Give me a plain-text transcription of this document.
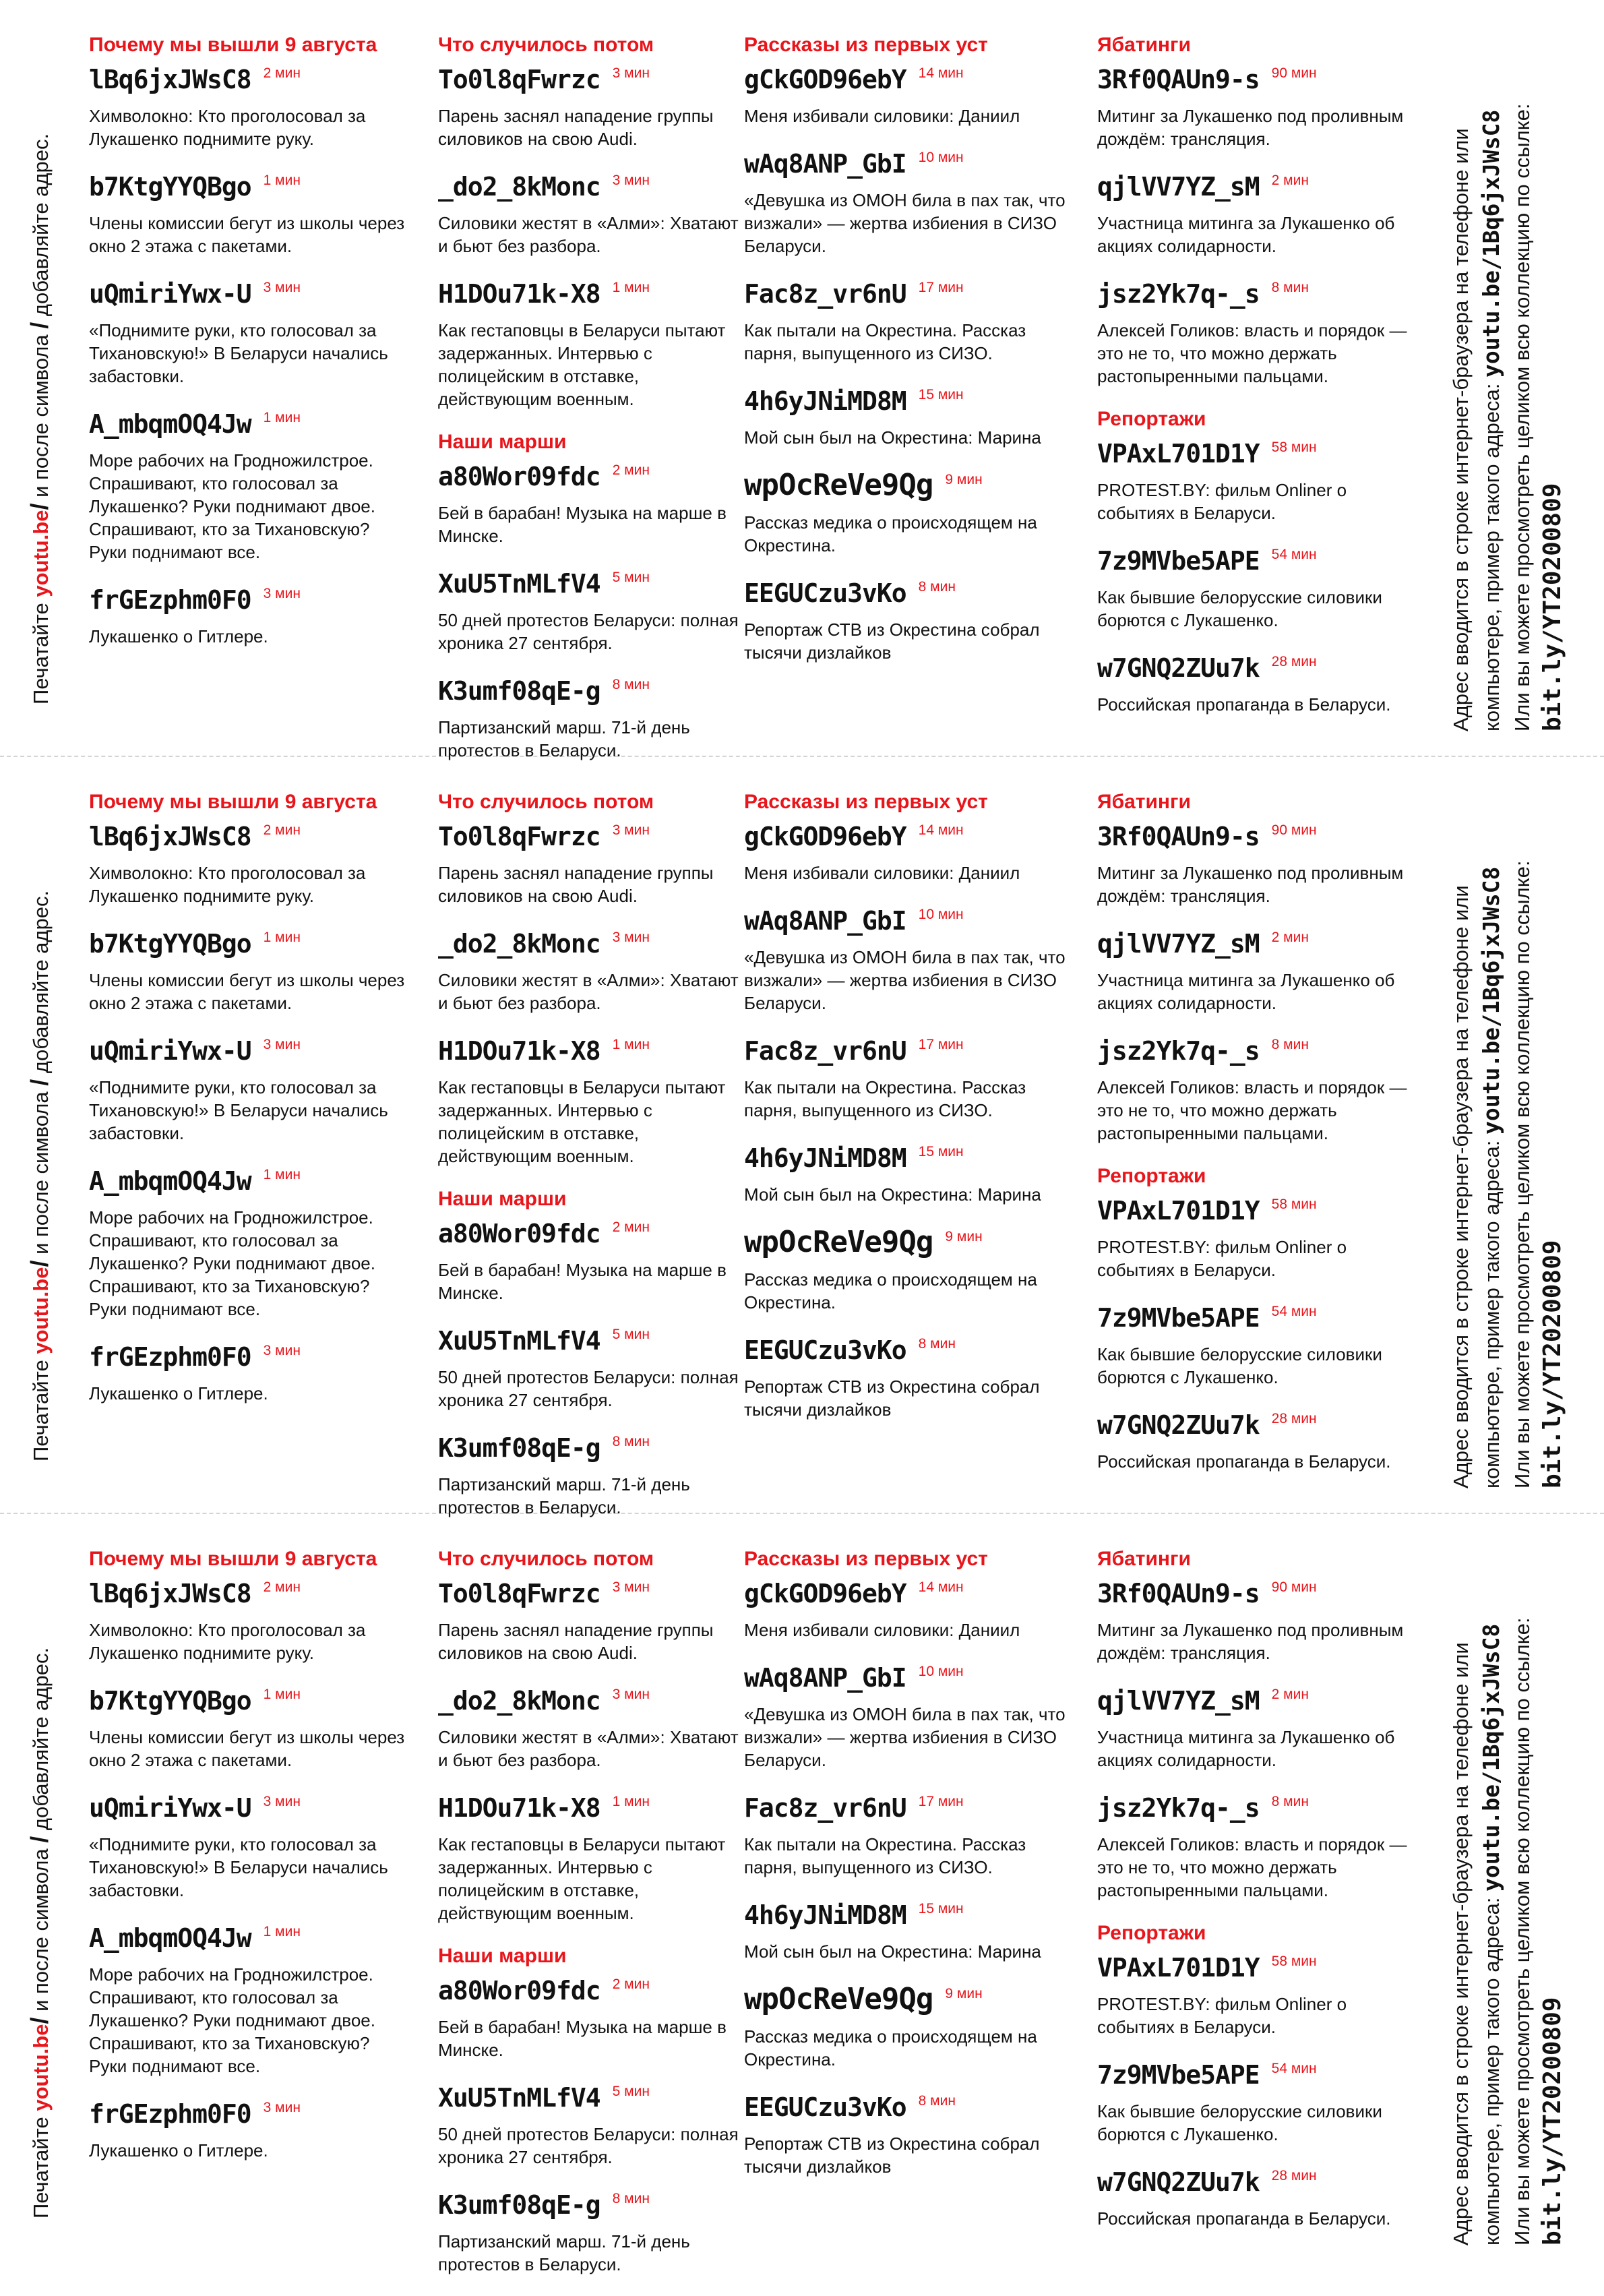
Печатайте youtu.be/ и после символа / добавляйте адрес.
Почему мы вышли 9 августа
lBq6jxJWsC8 2 мин
Химволокно: Кто проголосовал за Лукашенко поднимите руку.
b7KtgYYQBgo 1 мин
Члены комиссии бегут из школы через окно 2 этажа с пакетами.
uQmiriYwx-U 3 мин
«Поднимите руки, кто голосовал за Тихановскую!» В Беларуси начались забастовки.
A_mbqmOQ4Jw 1 мин
Море рабочих на Гродножилстрое. Спрашивают, кто голосовал за Лукашенко? Руки поднимают двое. Спрашивают, кто за Тихановскую? Руки поднимают все.
frGEzphm0F0 3 мин
Лукашенко о Гитлере.
Что случилось потом
To0l8qFwrzc 3 мин
Парень заснял нападение группы силовиков на свою Audi.
_do2_8kMonc 3 мин
Силовики жестят в «Алми»: Хватают и бьют без разбора.
H1DOu71k-X8 1 мин
Как гестаповцы в Беларуси пытают задержанных. Интервью с полицейским в отставке, действующим военным.
Наши марши
a80Wor09fdc 2 мин
Бей в барабан! Музыка на марше в Минске.
XuU5TnMLfV4 5 мин
50 дней протестов Беларуси: полная хроника 27 сентября.
K3umf08qE-g 8 мин
Партизанский марш. 71-й день протестов в Беларуси.
Рассказы из первых уст
gCkGOD96ebY 14 мин
Меня избивали силовики: Даниил
wAq8ANP_GbI 10 мин
«Девушка из ОМОН била в пах так, что визжали» — жертва избиения в СИЗО Беларуси.
Fac8z_vr6nU 17 мин
Как пытали на Окрестина. Рассказ парня, выпущенного из СИЗО.
4h6yJNiMD8M 15 мин
Мой сын был на Окрестина: Марина
wpOcReVe9Qg 9 мин
Рассказ медика о происходящем на Окрестина.
EEGUCzu3vKo 8 мин
Репортаж СТВ из Окрестина собрал тысячи дизлайков
Ябатинги
3Rf0QAUn9-s 90 мин
Митинг за Лукашенко под проливным дождём: трансляция.
qjlVV7YZ_sM 2 мин
Участница митинга за Лукашенко об акциях солидарности.
jsz2Yk7q-_s 8 мин
Алексей Голиков: власть и порядок — это не то, что можно держать растопыренными пальцами.
Репортажи
VPAxL701D1Y 58 мин
PROTEST.BY: фильм Onliner о событиях в Беларуси.
7z9MVbe5APE 54 мин
Как бывшие белорусские силовики борются с Лукашенко.
w7GNQ2ZUu7k 28 мин
Российская пропаганда в Беларуси.	Адрес вводится в строке интернет-браузера на телефоне или компьютере, пример такого адреса: youtu.be/1Bq6jxJWsC8 Или вы можете просмотреть целиком всю коллекцию по ссылке: bit.ly/YT20200809
Печатайте youtu.be/ и после символа / добавляйте адрес.
Почему мы вышли 9 августа
lBq6jxJWsC8 2 мин
Химволокно: Кто проголосовал за Лукашенко поднимите руку.
b7KtgYYQBgo 1 мин
Члены комиссии бегут из школы через окно 2 этажа с пакетами.
uQmiriYwx-U 3 мин
«Поднимите руки, кто голосовал за Тихановскую!» В Беларуси начались забастовки.
A_mbqmOQ4Jw 1 мин
Море рабочих на Гродножилстрое. Спрашивают, кто голосовал за Лукашенко? Руки поднимают двое. Спрашивают, кто за Тихановскую? Руки поднимают все.
frGEzphm0F0 3 мин
Лукашенко о Гитлере.
Что случилось потом
To0l8qFwrzc 3 мин
Парень заснял нападение группы силовиков на свою Audi.
_do2_8kMonc 3 мин
Силовики жестят в «Алми»: Хватают и бьют без разбора.
H1DOu71k-X8 1 мин
Как гестаповцы в Беларуси пытают задержанных. Интервью с полицейским в отставке, действующим военным.
Наши марши
a80Wor09fdc 2 мин
Бей в барабан! Музыка на марше в Минске.
XuU5TnMLfV4 5 мин
50 дней протестов Беларуси: полная хроника 27 сентября.
K3umf08qE-g 8 мин
Партизанский марш. 71-й день протестов в Беларуси.
Рассказы из первых уст
gCkGOD96ebY 14 мин
Меня избивали силовики: Даниил
wAq8ANP_GbI 10 мин
«Девушка из ОМОН била в пах так, что визжали» — жертва избиения в СИЗО Беларуси.
Fac8z_vr6nU 17 мин
Как пытали на Окрестина. Рассказ парня, выпущенного из СИЗО.
4h6yJNiMD8M 15 мин
Мой сын был на Окрестина: Марина
wpOcReVe9Qg 9 мин
Рассказ медика о происходящем на Окрестина.
EEGUCzu3vKo 8 мин
Репортаж СТВ из Окрестина собрал тысячи дизлайков
Ябатинги
3Rf0QAUn9-s 90 мин
Митинг за Лукашенко под проливным дождём: трансляция.
qjlVV7YZ_sM 2 мин
Участница митинга за Лукашенко об акциях солидарности.
jsz2Yk7q-_s 8 мин
Алексей Голиков: власть и порядок — это не то, что можно держать растопыренными пальцами.
Репортажи
VPAxL701D1Y 58 мин
PROTEST.BY: фильм Onliner о событиях в Беларуси.
7z9MVbe5APE 54 мин
Как бывшие белорусские силовики борются с Лукашенко.
w7GNQ2ZUu7k 28 мин
Российская пропаганда в Беларуси.	Адрес вводится в строке интернет-браузера на телефоне или компьютере, пример такого адреса: youtu.be/1Bq6jxJWsC8 Или вы можете просмотреть целиком всю коллекцию по ссылке: bit.ly/YT20200809
Печатайте youtu.be/ и после символа / добавляйте адрес.
Почему мы вышли 9 августа
lBq6jxJWsC8 2 мин
Химволокно: Кто проголосовал за Лукашенко поднимите руку.
b7KtgYYQBgo 1 мин
Члены комиссии бегут из школы через окно 2 этажа с пакетами.
uQmiriYwx-U 3 мин
«Поднимите руки, кто голосовал за Тихановскую!» В Беларуси начались забастовки.
A_mbqmOQ4Jw 1 мин
Море рабочих на Гродножилстрое. Спрашивают, кто голосовал за Лукашенко? Руки поднимают двое. Спрашивают, кто за Тихановскую? Руки поднимают все.
frGEzphm0F0 3 мин
Лукашенко о Гитлере.
Что случилось потом
To0l8qFwrzc 3 мин
Парень заснял нападение группы силовиков на свою Audi.
_do2_8kMonc 3 мин
Силовики жестят в «Алми»: Хватают и бьют без разбора.
H1DOu71k-X8 1 мин
Как гестаповцы в Беларуси пытают задержанных. Интервью с полицейским в отставке, действующим военным.
Наши марши
a80Wor09fdc 2 мин
Бей в барабан! Музыка на марше в Минске.
XuU5TnMLfV4 5 мин
50 дней протестов Беларуси: полная хроника 27 сентября.
K3umf08qE-g 8 мин
Партизанский марш. 71-й день протестов в Беларуси.
Рассказы из первых уст
gCkGOD96ebY 14 мин
Меня избивали силовики: Даниил
wAq8ANP_GbI 10 мин
«Девушка из ОМОН била в пах так, что визжали» — жертва избиения в СИЗО Беларуси.
Fac8z_vr6nU 17 мин
Как пытали на Окрестина. Рассказ парня, выпущенного из СИЗО.
4h6yJNiMD8M 15 мин
Мой сын был на Окрестина: Марина
wpOcReVe9Qg 9 мин
Рассказ медика о происходящем на Окрестина.
EEGUCzu3vKo 8 мин
Репортаж СТВ из Окрестина собрал тысячи дизлайков
Ябатинги
3Rf0QAUn9-s 90 мин
Митинг за Лукашенко под проливным дождём: трансляция.
qjlVV7YZ_sM 2 мин
Участница митинга за Лукашенко об акциях солидарности.
jsz2Yk7q-_s 8 мин
Алексей Голиков: власть и порядок — это не то, что можно держать растопыренными пальцами.
Репортажи
VPAxL701D1Y 58 мин
PROTEST.BY: фильм Onliner о событиях в Беларуси.
7z9MVbe5APE 54 мин
Как бывшие белорусские силовики борются с Лукашенко.
w7GNQ2ZUu7k 28 мин
Российская пропаганда в Беларуси.	Адрес вводится в строке интернет-браузера на телефоне или компьютере, пример такого адреса: youtu.be/1Bq6jxJWsC8 Или вы можете просмотреть целиком всю коллекцию по ссылке: bit.ly/YT20200809
